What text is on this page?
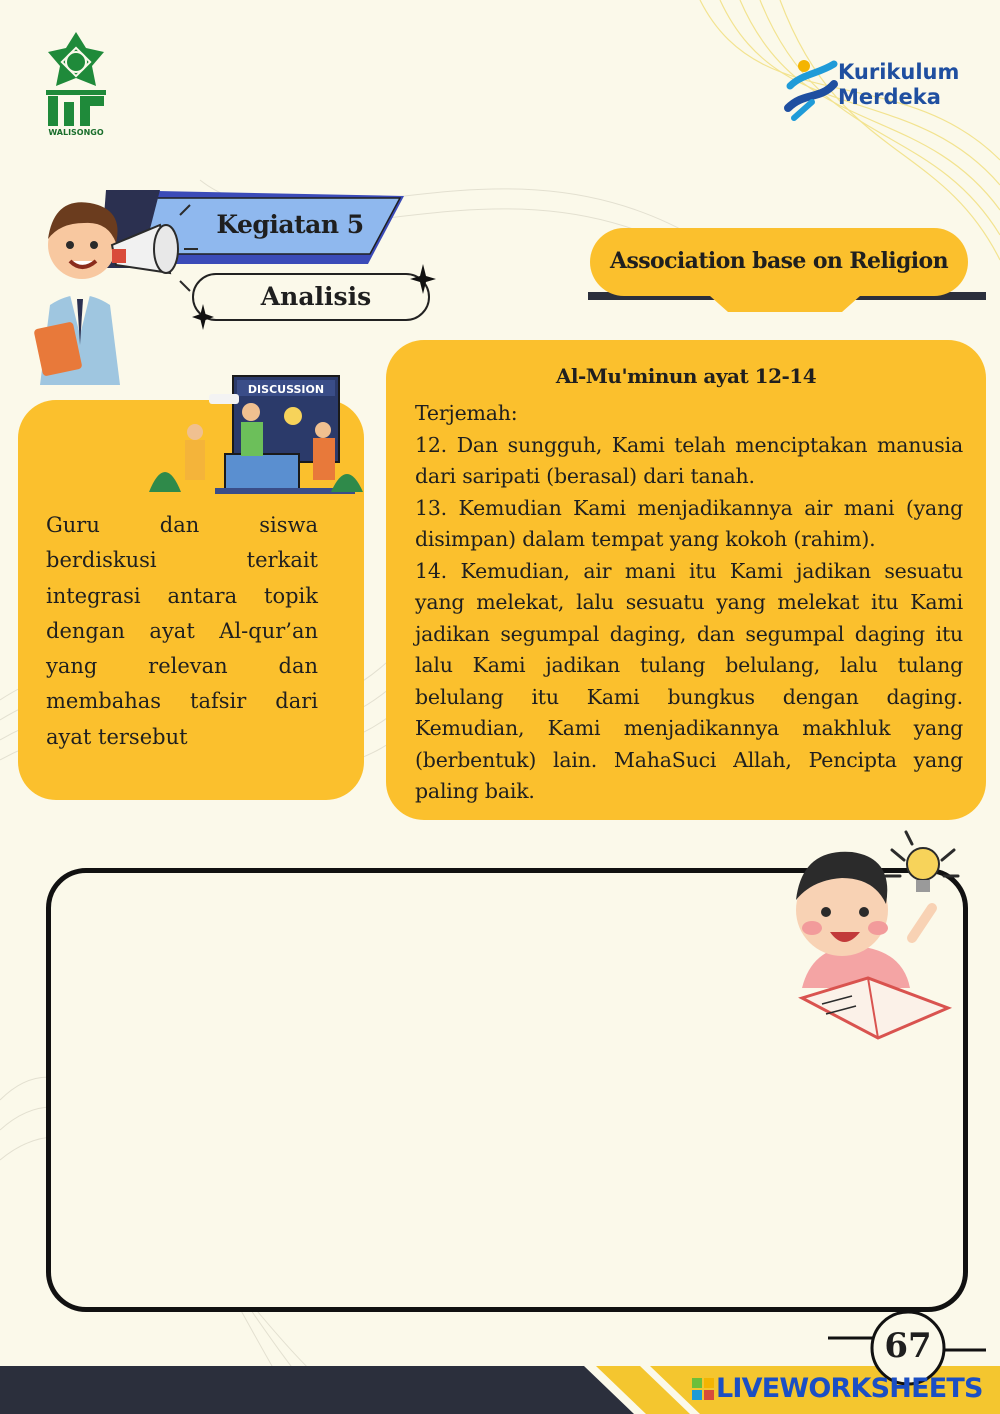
WALISONGO
Kurikulum
Merdeka
Kegiatan 5
Analisis
Association base on Religion
DISCUSSION
Guru dan siswa berdiskusi terkait integrasi antara topik dengan ayat Al-qur’an yang relevan dan membahas tafsir dari ayat tersebut
Al-Mu'minun ayat 12-14

Terjemah:

12. Dan sungguh, Kami telah menciptakan manusia dari saripati (berasal) dari tanah.

13. Kemudian Kami menjadikannya air mani (yang disimpan) dalam tempat yang kokoh (rahim).

14. Kemudian, air mani itu Kami jadikan sesuatu yang melekat, lalu sesuatu yang melekat itu Kami jadikan segumpal daging, dan segumpal daging itu lalu Kami jadikan tulang belulang, lalu tulang belulang itu Kami bungkus dengan daging. Kemudian, Kami menjadikannya makhluk yang (berbentuk) lain. MahaSuci Allah, Pencipta yang paling baik.

67
LIVEWORKSHEETS
